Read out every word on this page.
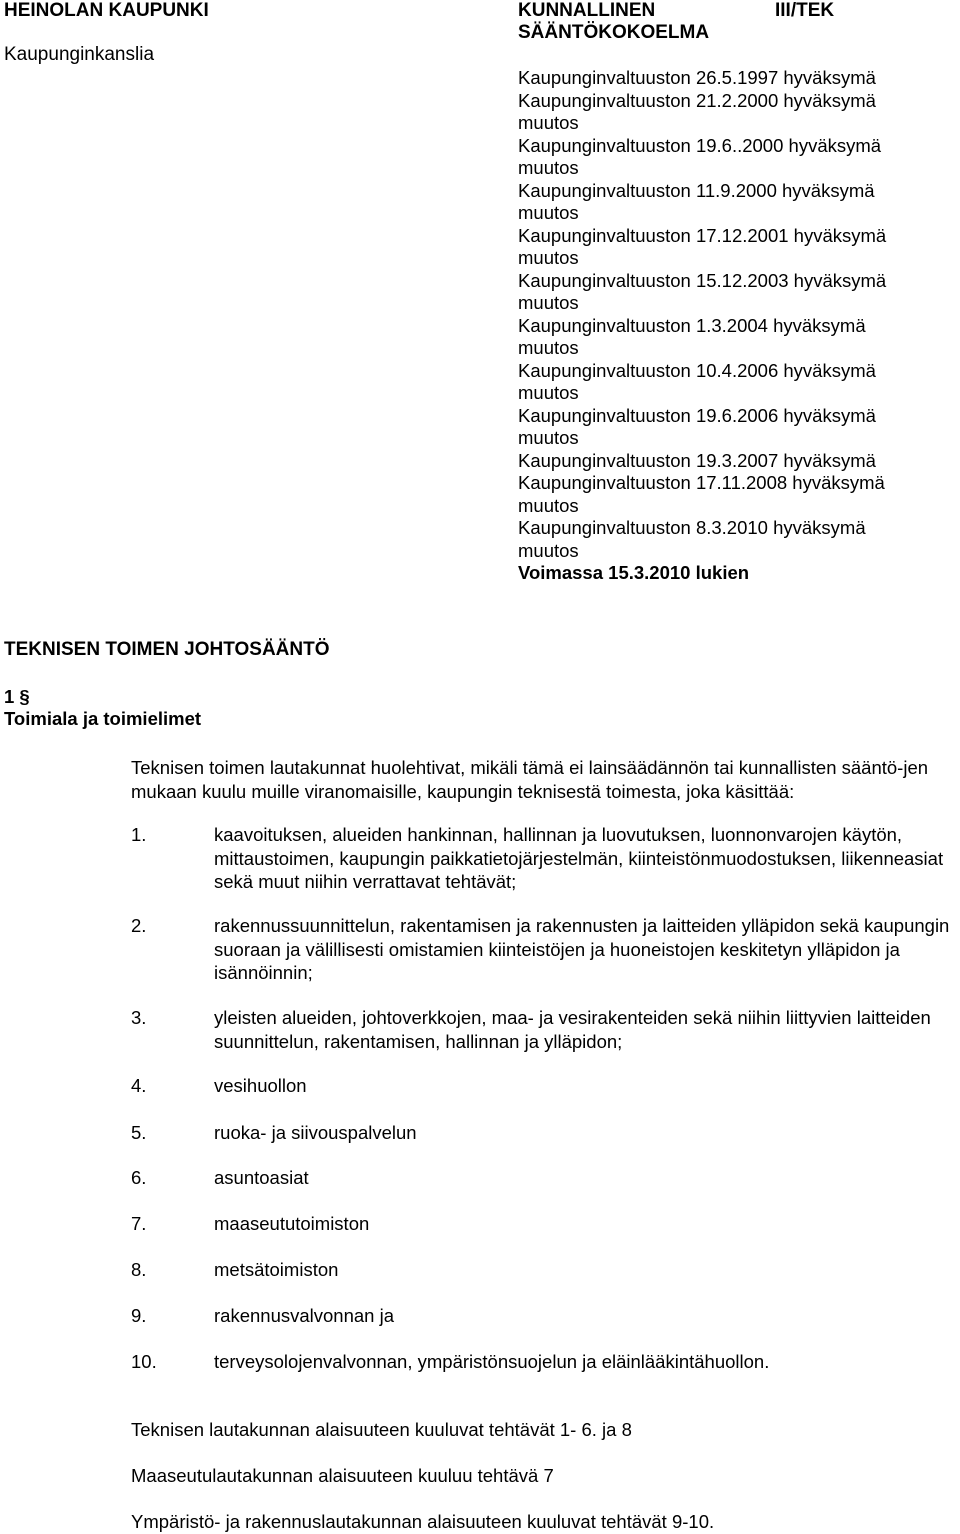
HEINOLAN KAUPUNKI
Kaupunginkanslia
KUNNALLINEN
SÄÄNTÖKOKOELMA
III/TEK
Kaupunginvaltuuston 26.5.1997 hyväksymä
Kaupunginvaltuuston 21.2.2000 hyväksymä
muutos
Kaupunginvaltuuston 19.6..2000 hyväksymä
muutos
Kaupunginvaltuuston 11.9.2000 hyväksymä
muutos
Kaupunginvaltuuston 17.12.2001 hyväksymä
muutos
Kaupunginvaltuuston 15.12.2003 hyväksymä
muutos
Kaupunginvaltuuston 1.3.2004 hyväksymä
muutos
Kaupunginvaltuuston 10.4.2006 hyväksymä
muutos
Kaupunginvaltuuston 19.6.2006 hyväksymä
muutos
Kaupunginvaltuuston 19.3.2007 hyväksymä
Kaupunginvaltuuston 17.11.2008 hyväksymä
muutos
Kaupunginvaltuuston 8.3.2010 hyväksymä
muutos
Voimassa 15.3.2010 lukien
TEKNISEN TOIMEN JOHTOSÄÄNTÖ
1 §
Toimiala ja toimielimet
Teknisen toimen lautakunnat huolehtivat, mikäli tämä ei lainsäädännön tai kunnallisten sääntö-jen mukaan kuulu muille viranomaisille, kaupungin teknisestä toimesta, joka käsittää:
1.	kaavoituksen, alueiden hankinnan, hallinnan ja luovutuksen, luonnonvarojen käytön, mittaustoimen, kaupungin paikkatietojärjestelmän, kiinteistönmuodostuksen, liikenneasiat sekä muut niihin verrattavat tehtävät;
2.	rakennussuunnittelun, rakentamisen ja rakennusten ja laitteiden ylläpidon sekä kaupungin suoraan ja välillisesti omistamien kiinteistöjen ja huoneistojen keskitetyn ylläpidon ja isännöinnin;
3.	yleisten alueiden, johtoverkkojen, maa- ja vesirakenteiden sekä niihin liittyvien laitteiden suunnittelun, rakentamisen, hallinnan ja ylläpidon;
4.	vesihuollon
5.	ruoka- ja siivouspalvelun
6.	asuntoasiat
7.	maaseututoimiston
8.	metsätoimiston
9.	rakennusvalvonnan ja
10.	terveysolojenvalvonnan, ympäristönsuojelun ja eläinlääkintähuollon.
Teknisen lautakunnan alaisuuteen kuuluvat tehtävät 1- 6. ja 8
Maaseutulautakunnan alaisuuteen kuuluu tehtävä 7
Ympäristö- ja rakennuslautakunnan alaisuuteen kuuluvat tehtävät 9-10.
